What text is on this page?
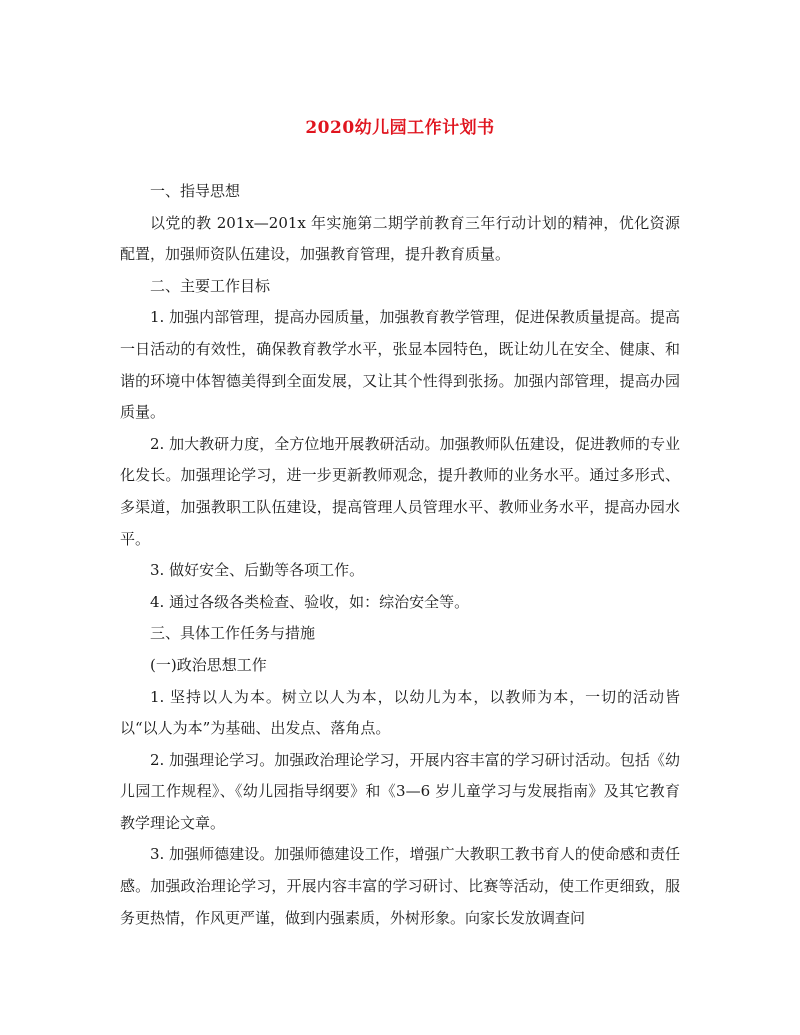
2020幼儿园工作计划书

一、指导思想

以党的教 201x—201x 年实施第二期学前教育三年行动计划的精神，优化资源配置，加强师资队伍建设，加强教育管理，提升教育质量。

二、主要工作目标

1. 加强内部管理，提高办园质量，加强教育教学管理，促进保教质量提高。提高一日活动的有效性，确保教育教学水平，张显本园特色，既让幼儿在安全、健康、和谐的环境中体智德美得到全面发展，又让其个性得到张扬。加强内部管理，提高办园质量。

2. 加大教研力度，全方位地开展教研活动。加强教师队伍建设，促进教师的专业化发长。加强理论学习，进一步更新教师观念，提升教师的业务水平。通过多形式、多渠道，加强教职工队伍建设，提高管理人员管理水平、教师业务水平，提高办园水平。

3. 做好安全、后勤等各项工作。

4. 通过各级各类检查、验收，如：综治安全等。

三、具体工作任务与措施

(一)政治思想工作

1. 坚持以人为本。树立以人为本，以幼儿为本，以教师为本，一切的活动皆以“以人为本”为基础、出发点、落角点。

2. 加强理论学习。加强政治理论学习，开展内容丰富的学习研讨活动。包括《幼儿园工作规程》、《幼儿园指导纲要》和《3—6 岁儿童学习与发展指南》及其它教育教学理论文章。

3. 加强师德建设。加强师德建设工作，增强广大教职工教书育人的使命感和责任感。加强政治理论学习，开展内容丰富的学习研讨、比赛等活动，使工作更细致，服务更热情，作风更严谨，做到内强素质，外树形象。向家长发放调查问
